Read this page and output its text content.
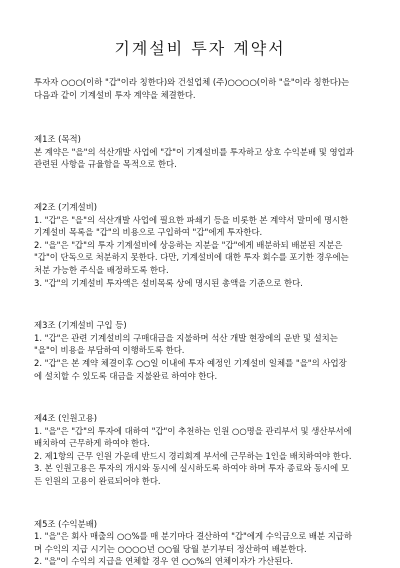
기계설비 투자 계약서
투자자 ○○○(이하 "갑"이라 칭한다)와 건설업체 (주)○○○○(이하 "을"이라 칭한다)는
다음과 같이 기계설비 투자 계약을 체결한다.
제1조 (목적)
본 계약은 "을"의 석산개발 사업에 "갑"이 기계설비를 투자하고 상호 수익분배 및 영업과
관련된 사항을 규율함을 목적으로 한다.
제2조 (기계설비)
1. "갑"은 "을"의 석산개발 사업에 필요한 파쇄기 등을 비롯한 본 계약서 말미에 명시한
기계설비 목록을 "갑"의 비용으로 구입하여 "갑"에게 투자한다.
2. "을"은 "갑"의 투자 기계설비에 상응하는 지분을 "갑"에게 배분하되 배분된 지분은
"갑"이 단독으로 처분하지 못한다. 다만, 기계설비에 대한 투자 회수를 포기한 경우에는
처분 가능한 주식을 배정하도록 한다.
3. "갑"의 기계설비 투자액은 설비목록 상에 명시된 총액을 기준으로 한다.
제3조 (기계설비 구입 등)
1. "갑"은 관련 기계설비의 구매대금을 지불하며 석산 개발 현장에의 운반 및 설치는
"을"이 비용을 부담하여 이행하도록 한다.
2. "갑"은 본 계약 체결이후 ○○일 이내에 투자 예정인 기계설비 일체를 "을"의 사업장
에 설치할 수 있도록 대금을 지불완료 하여야 한다.
제4조 (인원고용)
1. "을"은 "갑"의 투자에 대하여 "갑"이 추천하는 인원 ○○명을 관리부서 및 생산부서에
배치하여 근무하게 하여야 한다.
2. 제1항의 근무 인원 가운데 반드시 경리회계 부서에 근무하는 1인을 배치하여야 한다.
3. 본 인원고용은 투자의 개시와 동시에 실시하도록 하여야 하며 투자 종료와 동시에 모
든 인원의 고용이 완료되어야 한다.
제5조 (수익분배)
1. "을"은 회사 매출의 ○○%를 매 분기마다 결산하여 "갑"에게 수익금으로 배분 지급하
며 수익의 지급 시기는 ○○○○년 ○○월 당월 분기부터 정산하여 배분한다.
2. "을"이 수익의 지급을 연체할 경우 연 ○○%의 연체이자가 가산된다.
